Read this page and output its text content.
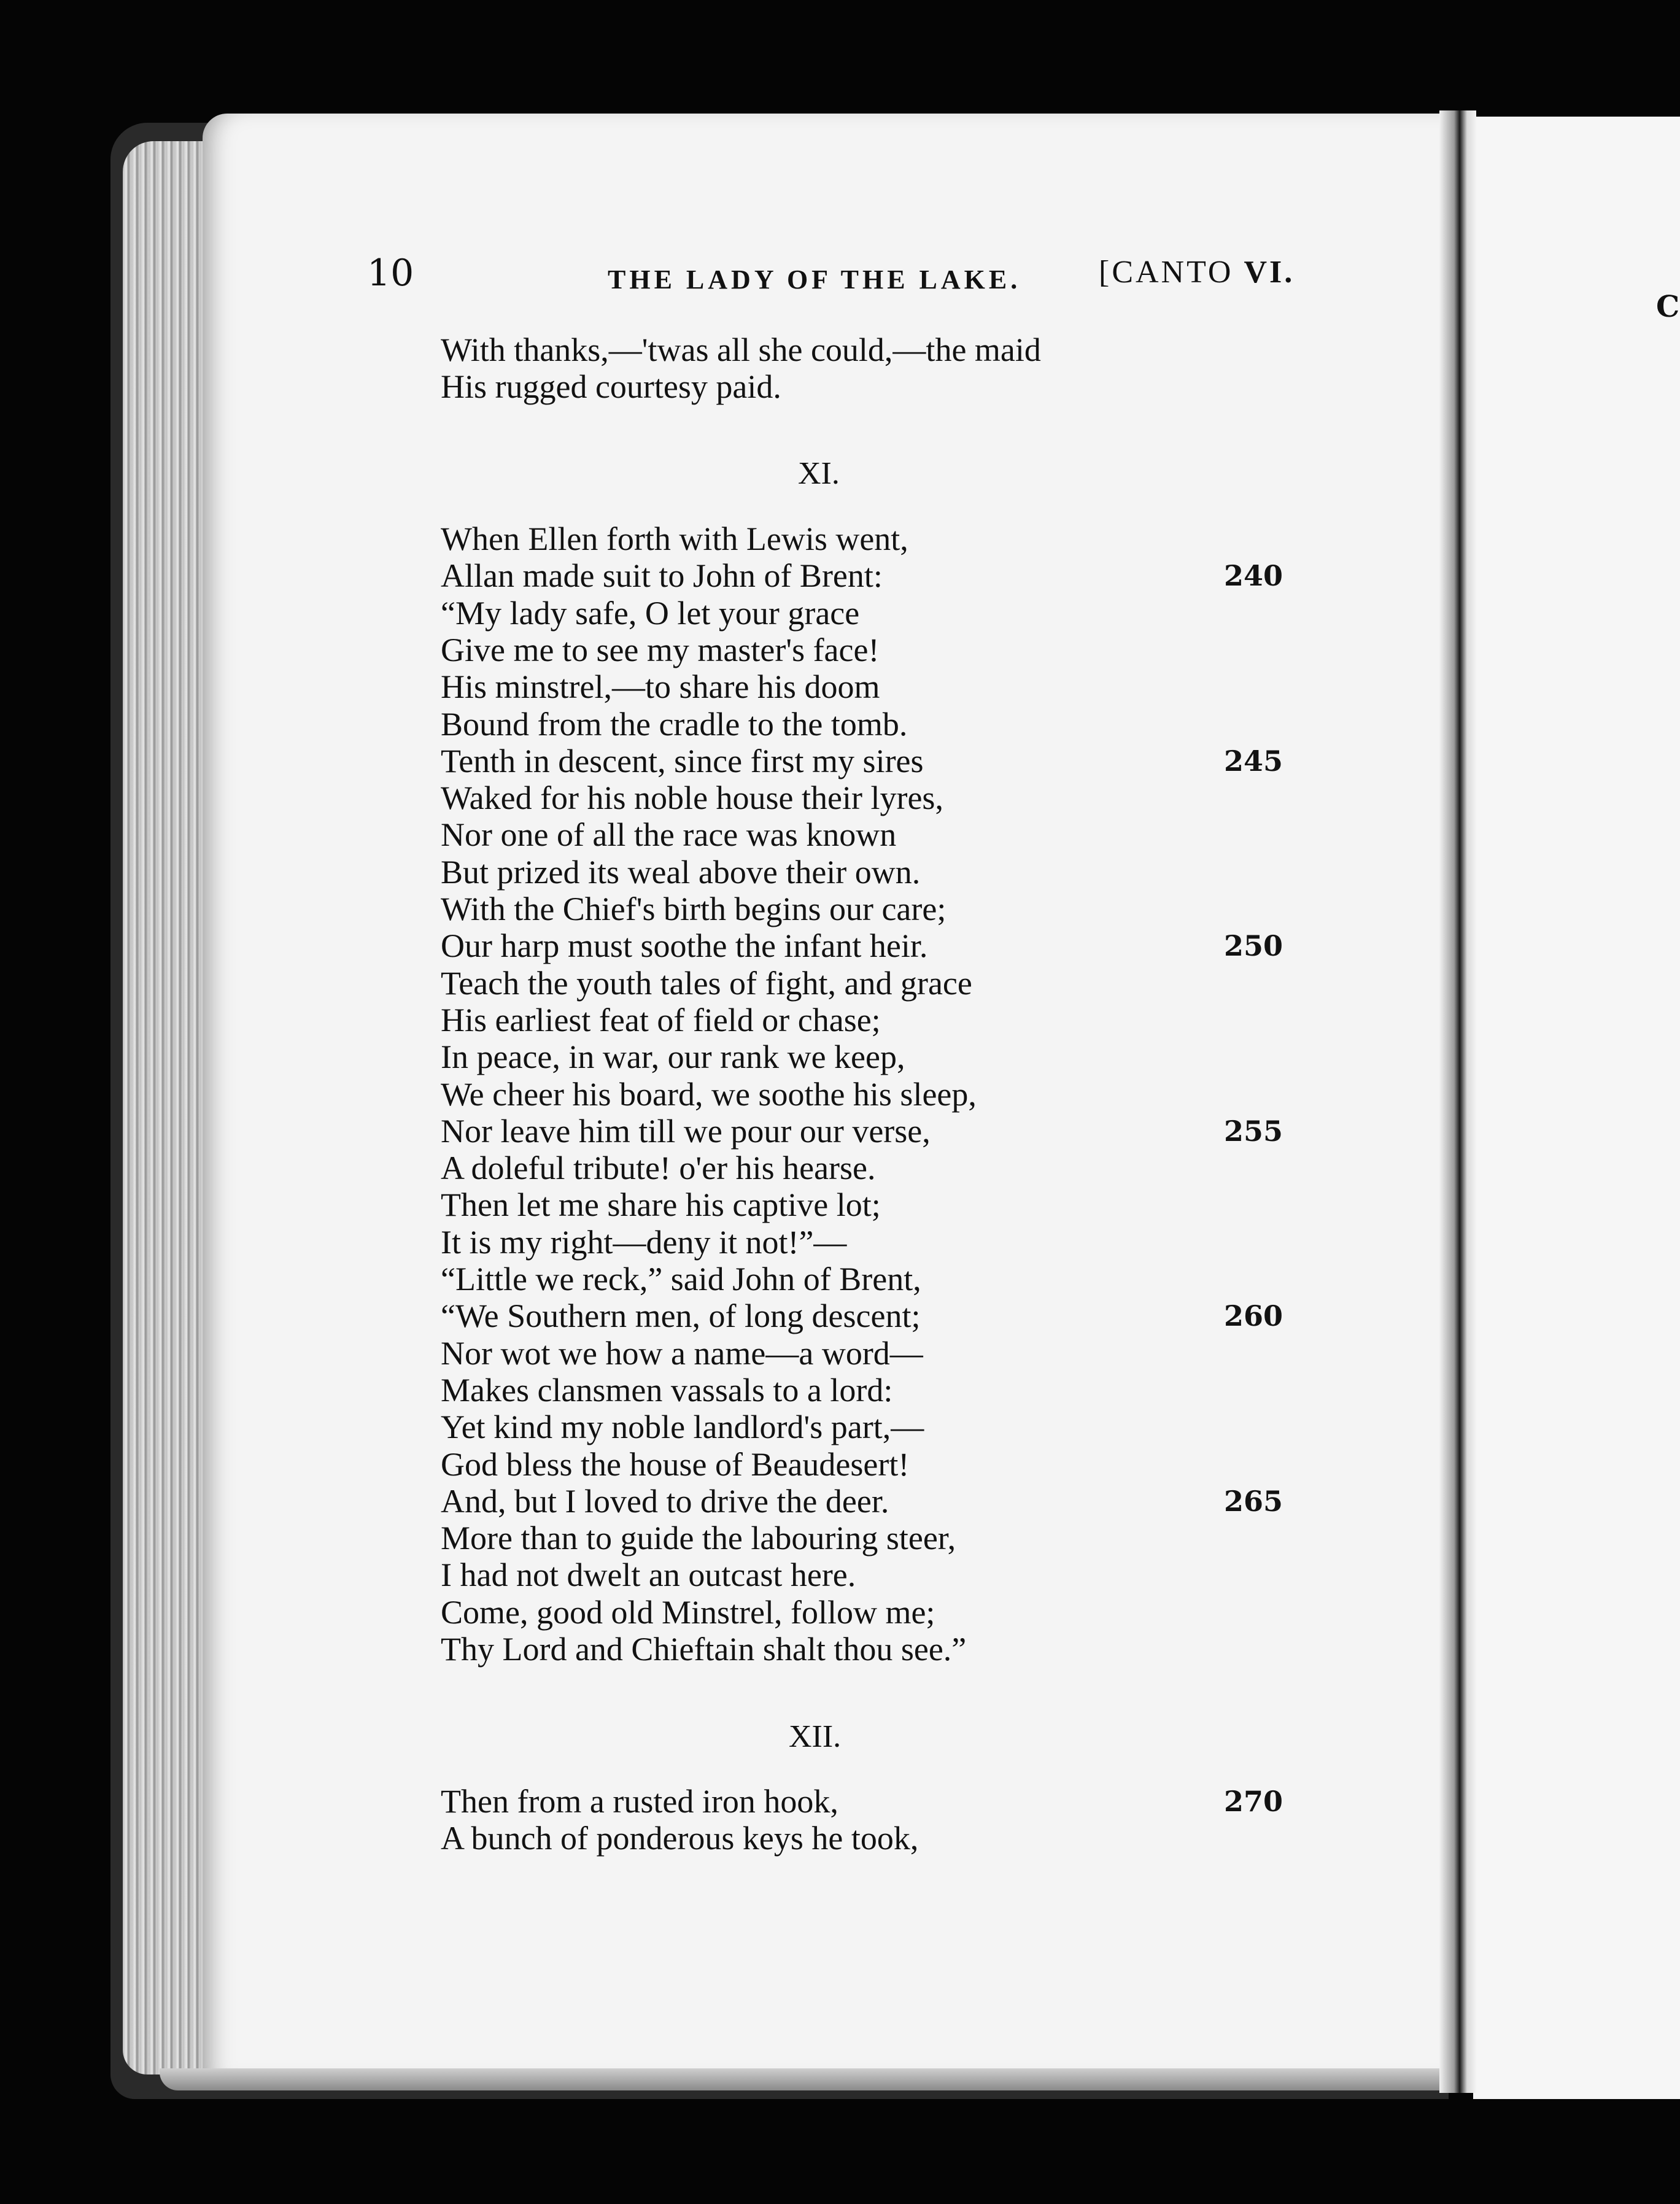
C
10	THE LADY OF THE LAKE. [CANTO VI.
With thanks,—'twas all she could,—the maid
His rugged courtesy paid.
XI.
When Ellen forth with Lewis went,
Allan made suit to John of Brent:
“My lady safe, O let your grace
Give me to see my master's face!
His minstrel,—to share his doom
Bound from the cradle to the tomb.
Tenth in descent, since first my sires
Waked for his noble house their lyres,
Nor one of all the race was known
But prized its weal above their own.
With the Chief's birth begins our care;
Our harp must soothe the infant heir.
Teach the youth tales of fight, and grace
His earliest feat of field or chase;
In peace, in war, our rank we keep,
We cheer his board, we soothe his sleep,
Nor leave him till we pour our verse,
A doleful tribute! o'er his hearse.
Then let me share his captive lot;
It is my right—deny it not!”—
“Little we reck,” said John of Brent,
“We Southern men, of long descent;
Nor wot we how a name—a word—
Makes clansmen vassals to a lord:
Yet kind my noble landlord's part,—
God bless the house of Beaudesert!
And, but I loved to drive the deer.
More than to guide the labouring steer,
I had not dwelt an outcast here.
Come, good old Minstrel, follow me;
Thy Lord and Chieftain shalt thou see.”
240
245
250
255
260
265
XII.
Then from a rusted iron hook,
A bunch of ponderous keys he took,
270
